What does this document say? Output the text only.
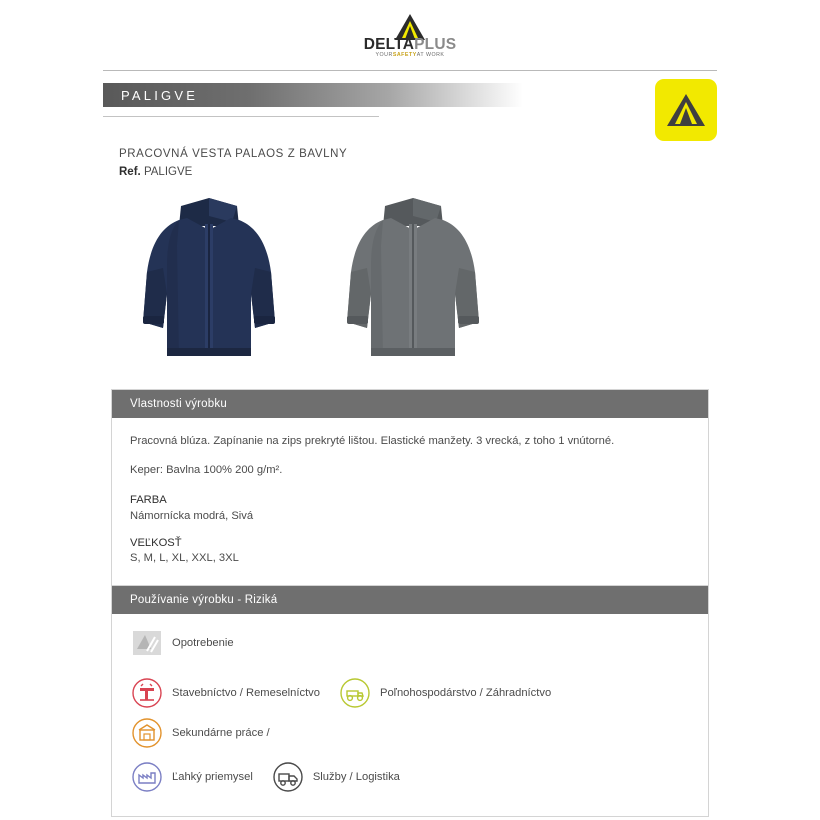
DELTAPLUS
YOURSAFETYAT WORK
PALIGVE
PRACOVNÁ VESTA PALAOS Z BAVLNY
Ref. PALIGVE
Vlastnosti výrobku

Pracovná blúza. Zapínanie na zips prekryté lištou. Elastické manžety. 3 vrecká, z toho 1 vnútorné.

Keper: Bavlna 100% 200 g/m².

FARBA

Námornícka modrá, Sivá

VEĽKOSŤ

S, M, L, XL, XXL, 3XL

Používanie výrobku - Riziká
Opotrebenie
Stavebníctvo / Remeselníctvo	Poľnohospodárstvo / Záhradníctvo
Sekundárne práce /
Ľahký priemysel	Služby / Logistika
